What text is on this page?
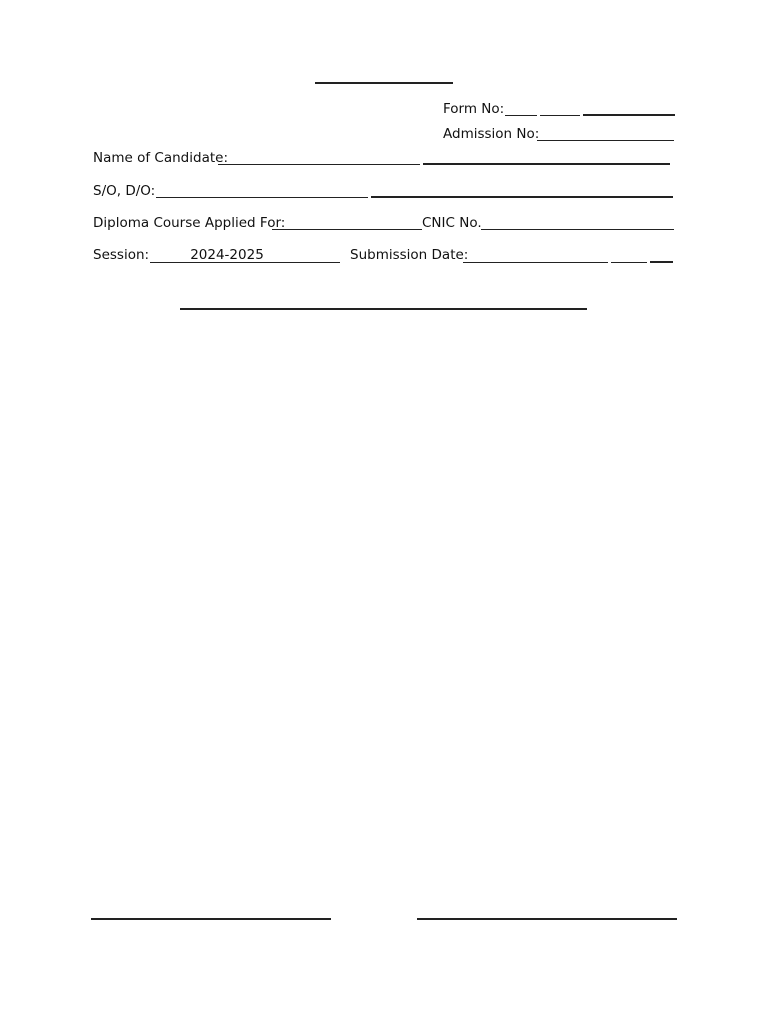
Form No:
Admission No:
Name of Candidate:
S/O, D/O:
Diploma Course Applied For:	CNIC No.
Session:	2024-2025	Submission Date:
